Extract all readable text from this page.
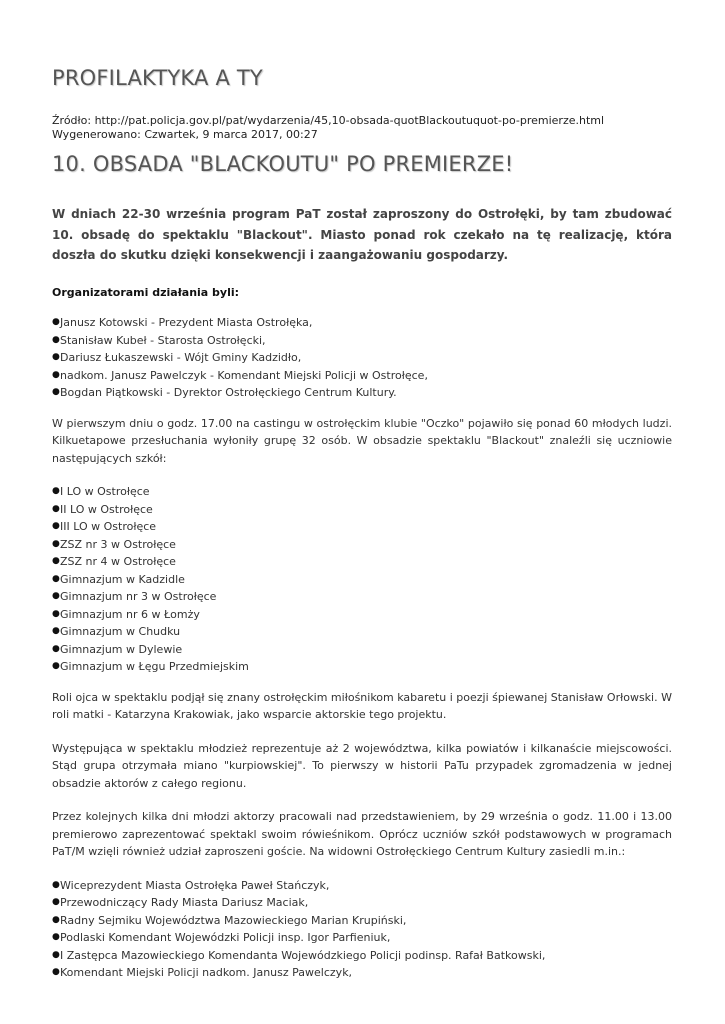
PROFILAKTYKA A TY
Źródło: http://pat.policja.gov.pl/pat/wydarzenia/45,10-obsada-quotBlackoutuquot-po-premierze.html
Wygenerowano: Czwartek, 9 marca 2017, 00:27
10. OBSADA "BLACKOUTU" PO PREMIERZE!

W dniach 22-30 września program PaT został zaproszony do Ostrołęki, by tam zbudować 10. obsadę do spektaklu "Blackout". Miasto ponad rok czekało na tę realizację, która doszła do skutku dzięki konsekwencji i zaangażowaniu gospodarzy.

Organizatorami działania byli:
● Janusz Kotowski - Prezydent Miasta Ostrołęka,
● Stanisław Kubeł - Starosta Ostrołęcki,
● Dariusz Łukaszewski - Wójt Gminy Kadzidło,
● nadkom. Janusz Pawelczyk - Komendant Miejski Policji w Ostrołęce,
● Bogdan Piątkowski - Dyrektor Ostrołęckiego Centrum Kultury.

W pierwszym dniu o godz. 17.00 na castingu w ostrołęckim klubie "Oczko" pojawiło się ponad 60 młodych ludzi. Kilkuetapowe przesłuchania wyłoniły grupę 32 osób. W obsadzie spektaklu "Blackout" znaleźli się uczniowie następujących szkół:

● I LO w Ostrołęce
● II LO w Ostrołęce
● III LO w Ostrołęce
● ZSZ nr 3 w Ostrołęce
● ZSZ nr 4 w Ostrołęce
● Gimnazjum w Kadzidle
● Gimnazjum nr 3 w Ostrołęce
● Gimnazjum nr 6 w Łomży
● Gimnazjum w Chudku
● Gimnazjum w Dylewie
● Gimnazjum w Łęgu Przedmiejskim

Roli ojca w spektaklu podjął się znany ostrołęckim miłośnikom kabaretu i poezji śpiewanej Stanisław Orłowski. W roli matki - Katarzyna Krakowiak, jako wsparcie aktorskie tego projektu.

Występująca w spektaklu młodzież reprezentuje aż 2 województwa, kilka powiatów i kilkanaście miejscowości. Stąd grupa otrzymała miano "kurpiowskiej". To pierwszy w historii PaTu przypadek zgromadzenia w jednej obsadzie aktorów z całego regionu.

Przez kolejnych kilka dni młodzi aktorzy pracowali nad przedstawieniem, by 29 września o godz. 11.00 i 13.00 premierowo zaprezentować spektakl swoim rówieśnikom. Oprócz uczniów szkół podstawowych w programach PaT/M wzięli również udział zaproszeni goście. Na widowni Ostrołęckiego Centrum Kultury zasiedli m.in.:

● Wiceprezydent Miasta Ostrołęka Paweł Stańczyk,
● Przewodniczący Rady Miasta Dariusz Maciak,
● Radny Sejmiku Województwa Mazowieckiego Marian Krupiński,
● Podlaski Komendant Wojewódzki Policji insp. Igor Parfieniuk,
● I Zastępca Mazowieckiego Komendanta Wojewódzkiego Policji podinsp. Rafał Batkowski,
● Komendant Miejski Policji nadkom. Janusz Pawelczyk,
